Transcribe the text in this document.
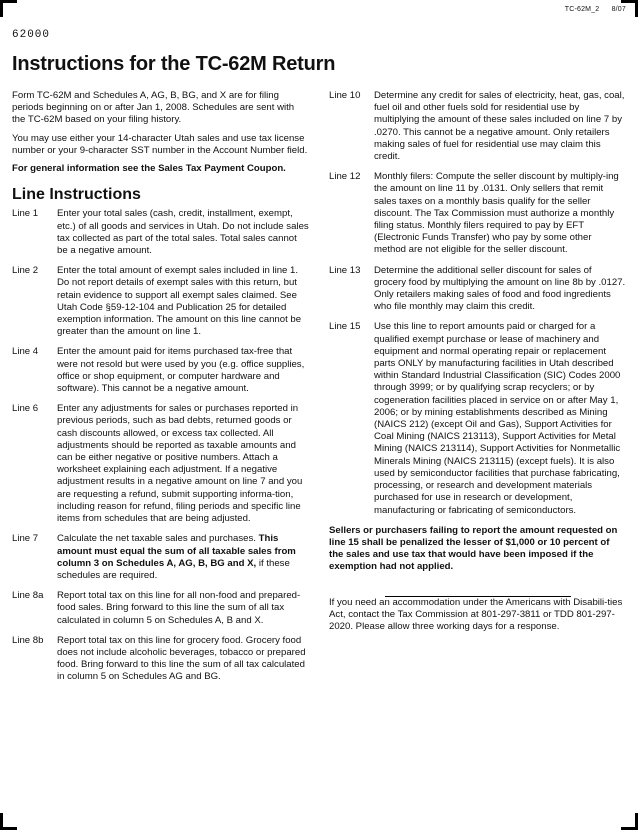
TC-62M_2 8/07
62000
Instructions for the TC-62M Return

Form TC-62M and Schedules A, AG, B, BG, and X are for filing periods beginning on or after Jan 1, 2008. Schedules are sent with the TC-62M based on your filing history.

You may use either your 14-character Utah sales and use tax license number or your 9-character SST number in the Account Number field.

For general information see the Sales Tax Payment Coupon.

Line Instructions
Line 1	Enter your total sales (cash, credit, installment, exempt, etc.) of all goods and services in Utah. Do not include sales tax collected as part of the total sales. Total sales cannot be a negative amount.
Line 2	Enter the total amount of exempt sales included in line 1. Do not report details of exempt sales with this return, but retain evidence to support all exempt sales claimed. See Utah Code §59-12-104 and Publication 25 for detailed exemption information. The amount on this line cannot be greater than the amount on line 1.
Line 4	Enter the amount paid for items purchased tax-free that were not resold but were used by you (e.g. office supplies, office or shop equipment, or computer hardware and software). This cannot be a negative amount.
Line 6	Enter any adjustments for sales or purchases reported in previous periods, such as bad debts, returned goods or cash discounts allowed, or excess tax collected. All adjustments should be reported as taxable amounts and can be either negative or positive numbers. Attach a worksheet explaining each adjustment. If a negative adjustment results in a negative amount on line 7 and you are requesting a refund, submit supporting informa-tion, including reason for refund, filing periods and specific line items from schedules that are being adjusted.
Line 7	Calculate the net taxable sales and purchases. This amount must equal the sum of all taxable sales from column 3 on Schedules A, AG, B, BG and X, if these schedules are required.
Line 8a	Report total tax on this line for all non-food and prepared-food sales. Bring forward to this line the sum of all tax calculated in column 5 on Schedules A, B and X.
Line 8b	Report total tax on this line for grocery food. Grocery food does not include alcoholic beverages, tobacco or prepared food. Bring forward to this line the sum of all tax calculated in column 5 on Schedules AG and BG.
Line 10	Determine any credit for sales of electricity, heat, gas, coal, fuel oil and other fuels sold for residential use by multiplying the amount of these sales included on line 7 by .0270. This cannot be a negative amount. Only retailers making sales of fuel for residential use may claim this credit.
Line 12	Monthly filers: Compute the seller discount by multiply-ing the amount on line 11 by .0131. Only sellers that remit sales taxes on a monthly basis qualify for the seller discount. The Tax Commission must authorize a monthly filing status. Monthly filers required to pay by EFT (Electronic Funds Transfer) who pay by some other method are not eligible for the seller discount.
Line 13	Determine the additional seller discount for sales of grocery food by multiplying the amount on line 8b by .0127. Only retailers making sales of food and food ingredients who file monthly may claim this credit.
Line 15	Use this line to report amounts paid or charged for a qualified exempt purchase or lease of machinery and equipment and normal operating repair or replacement parts ONLY by manufacturing facilities in Utah described within Standard Industrial Classification (SIC) Codes 2000 through 3999; or by qualifying scrap recyclers; or by cogeneration facilities placed in service on or after May 1, 2006; or by mining establishments described as Mining (NAICS 212) (except Oil and Gas), Support Activities for Coal Mining (NAICS 213113), Support Activities for Metal Mining (NAICS 213114), Support Activities for Nonmetallic Minerals Mining (NAICS 213115) (except fuels). It is also used by semiconductor facilities that purchase fabricating, processing, or research and development materials purchased for use in research or development, manufacturing or fabricating of semiconductors.

Sellers or purchasers failing to report the amount requested on line 15 shall be penalized the lesser of $1,000 or 10 percent of the sales and use tax that would have been imposed if the exemption had not applied.

If you need an accommodation under the Americans with Disabili-ties Act, contact the Tax Commission at 801-297-3811 or TDD 801-297-2020. Please allow three working days for a response.
